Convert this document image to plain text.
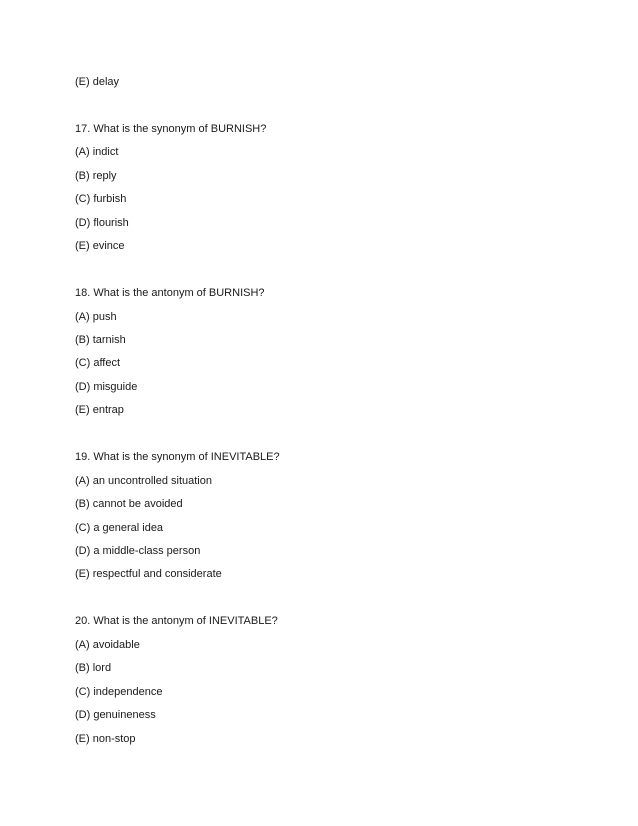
(E) delay
17. What is the synonym of BURNISH?
(A) indict
(B) reply
(C) furbish
(D) flourish
(E) evince
18. What is the antonym of BURNISH?
(A) push
(B) tarnish
(C) affect
(D) misguide
(E) entrap
19. What is the synonym of INEVITABLE?
(A) an uncontrolled situation
(B) cannot be avoided
(C) a general idea
(D) a middle-class person
(E) respectful and considerate
20. What is the antonym of INEVITABLE?
(A) avoidable
(B) lord
(C) independence
(D) genuineness
(E) non-stop
